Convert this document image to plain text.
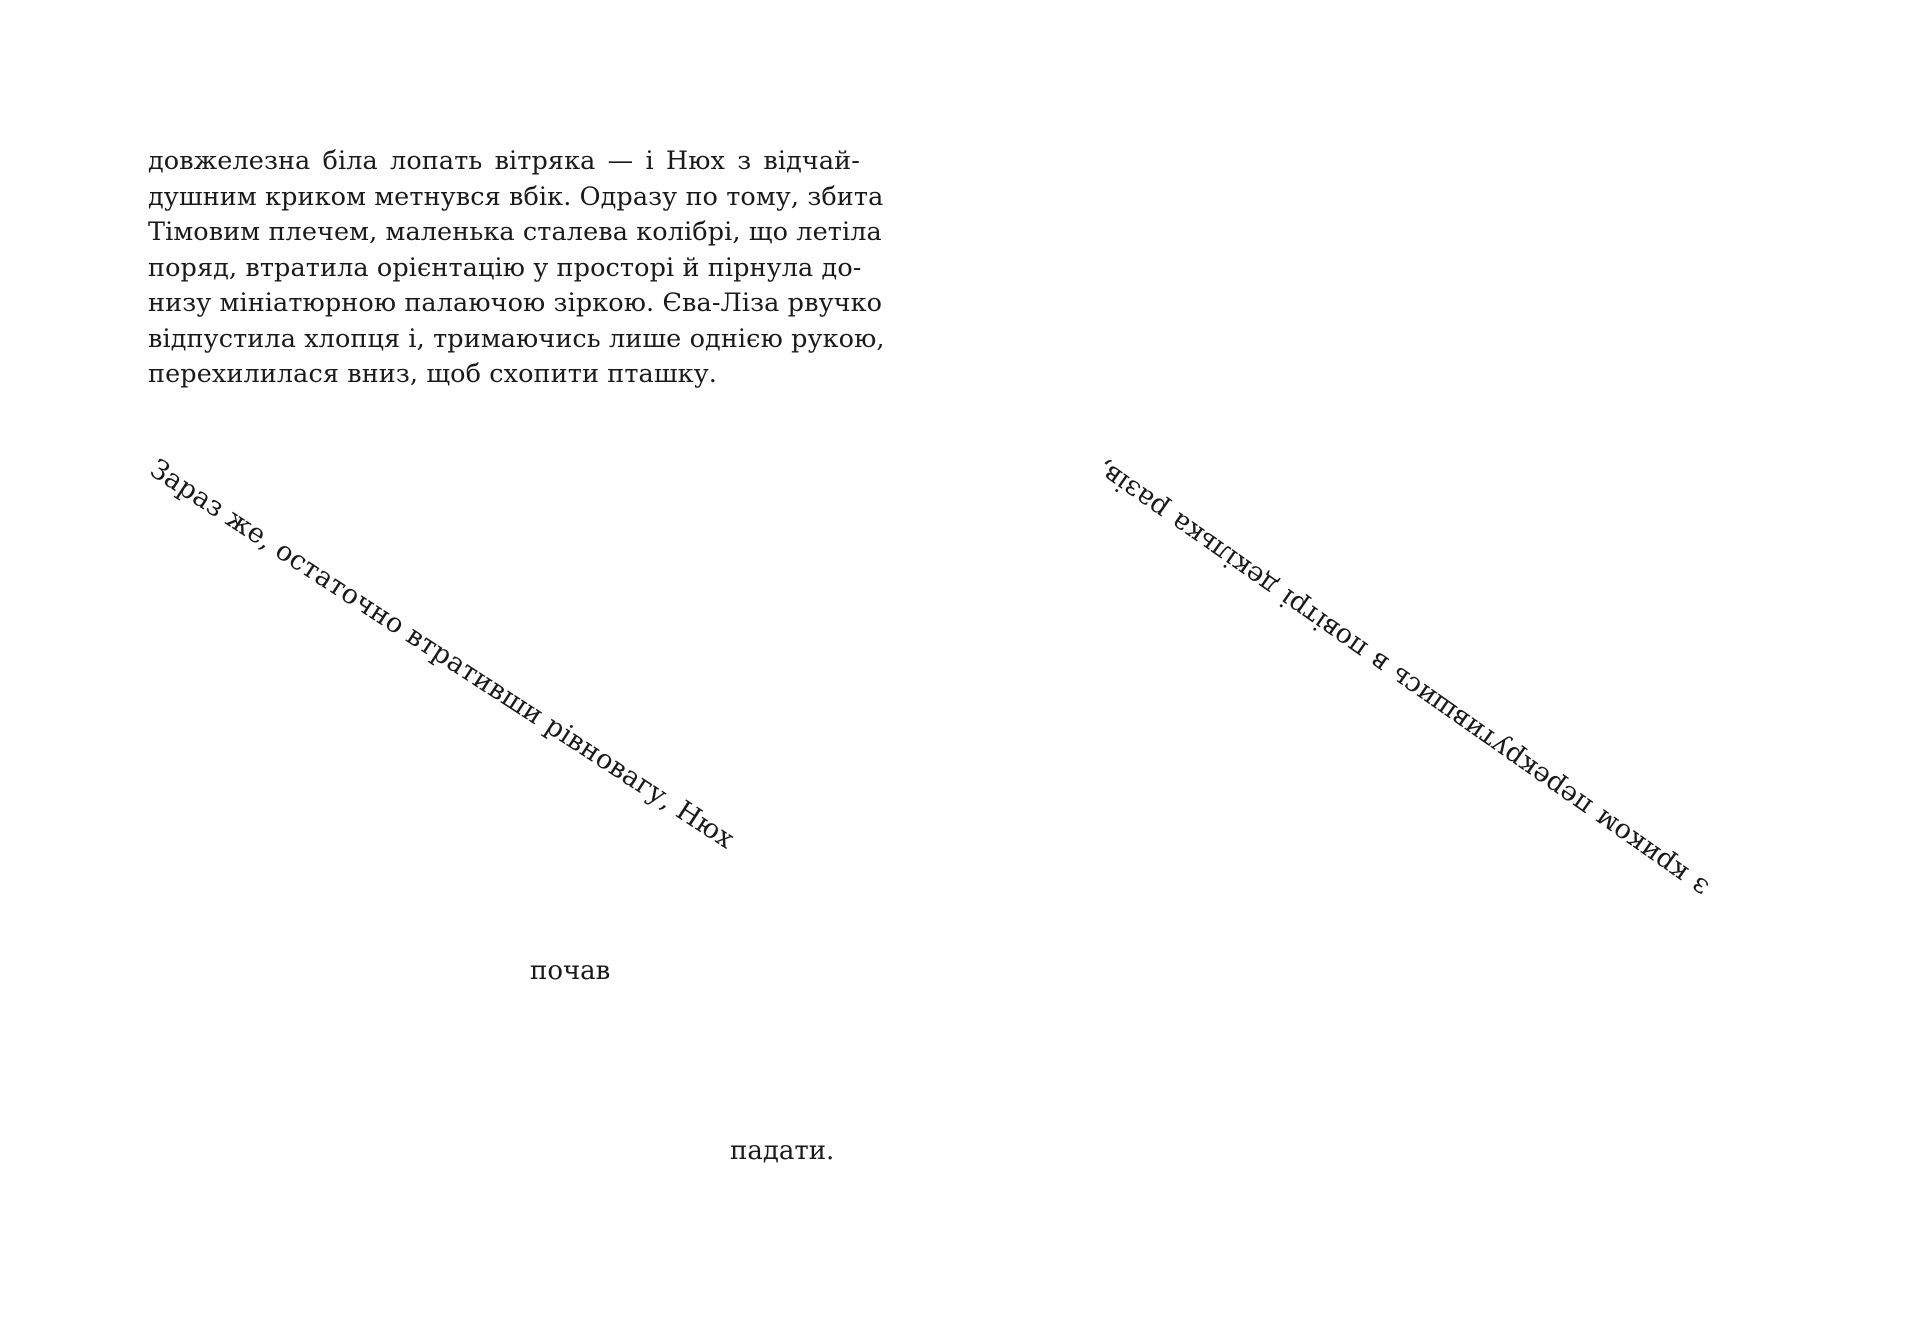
довжелезна біла лопать вітряка — і Нюх з відчай-
душним криком метнувся вбік. Одразу по тому, збита
Тімовим плечем, маленька сталева колібрі, що летіла
поряд, втратила орієнтацію у просторі й пірнула до-
низу мініатюрною палаючою зіркою. Єва-Ліза рвучко
відпустила хлопця і, тримаючись лише однією рукою,
перехилилася вниз, щоб схопити пташку.

Зараз же, остаточно втративши рівновагу, Нюх	з криком перекрутившись в повітрі декілька разів,
почав
падати.
